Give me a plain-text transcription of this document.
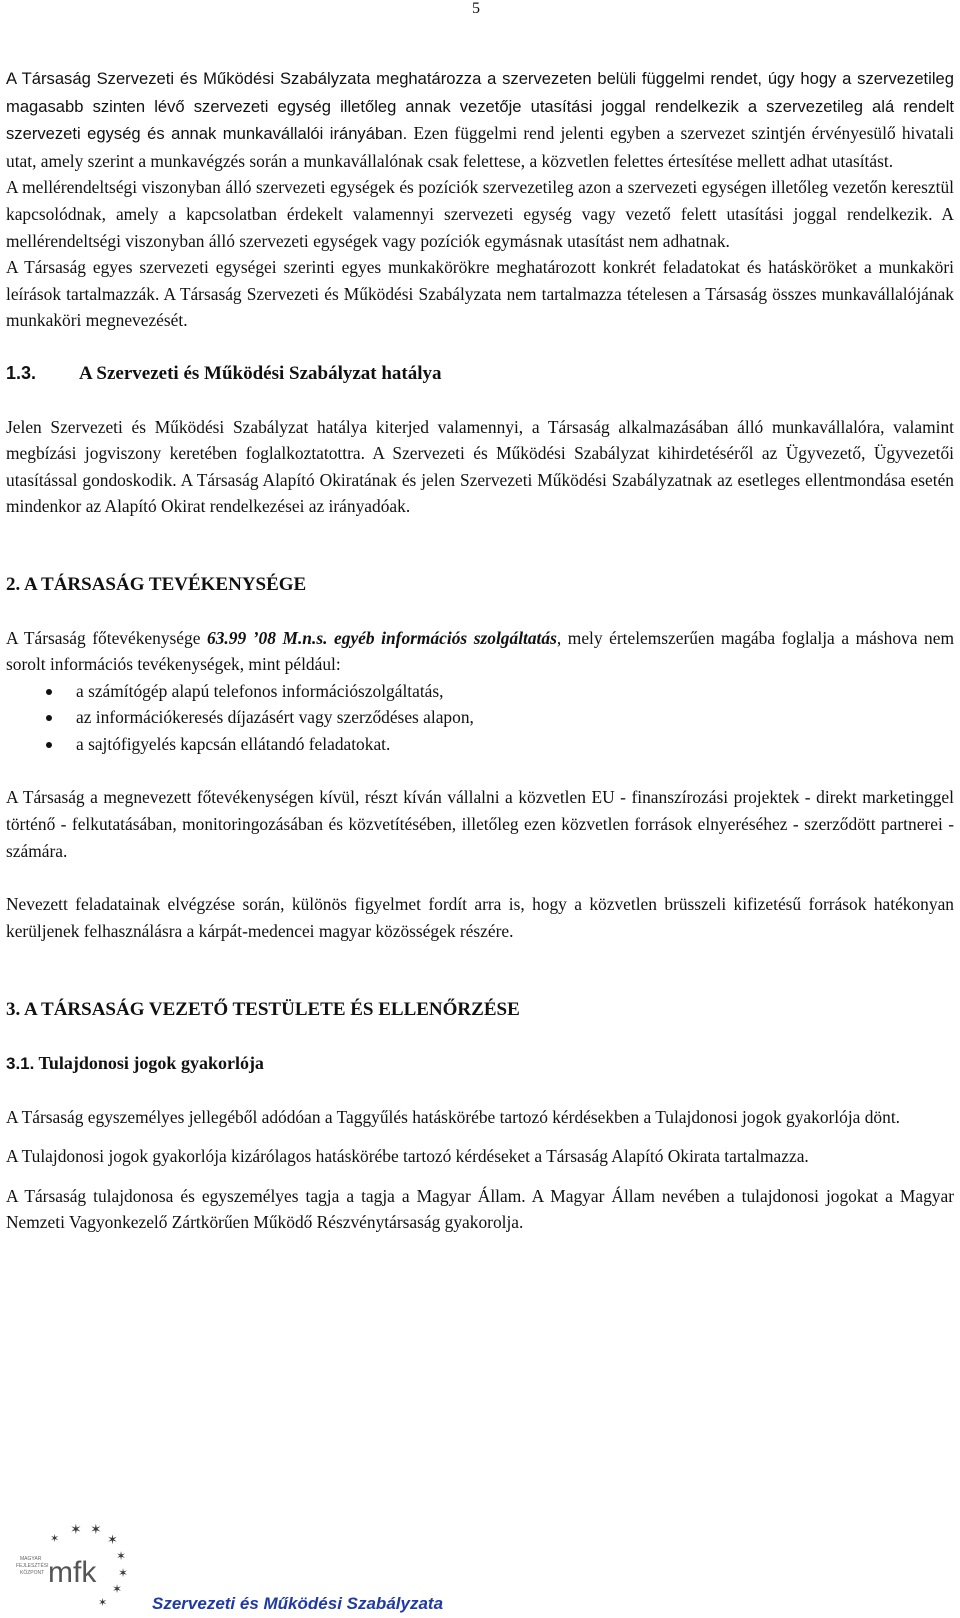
5

A Társaság Szervezeti és Működési Szabályzata meghatározza a szervezeten belüli függelmi rendet, úgy hogy a szervezetileg magasabb szinten lévő szervezeti egység illetőleg annak vezetője utasítási joggal rendelkezik a szervezetileg alá rendelt szervezeti egység és annak munkavállalói irányában. Ezen függelmi rend jelenti egyben a szervezet szintjén érvényesülő hivatali utat, amely szerint a munkavégzés során a munkavállalónak csak felettese, a közvetlen felettes értesítése mellett adhat utasítást.

A mellérendeltségi viszonyban álló szervezeti egységek és pozíciók szervezetileg azon a szervezeti egységen illetőleg vezetőn keresztül kapcsolódnak, amely a kapcsolatban érdekelt valamennyi szervezeti egység vagy vezető felett utasítási joggal rendelkezik. A mellérendeltségi viszonyban álló szervezeti egységek vagy pozíciók egymásnak utasítást nem adhatnak.

A Társaság egyes szervezeti egységei szerinti egyes munkakörökre meghatározott konkrét feladatokat és hatásköröket a munkaköri leírások tartalmazzák. A Társaság Szervezeti és Működési Szabályzata nem tartalmazza tételesen a Társaság összes munkavállalójának munkaköri megnevezését.

1.3.	A Szervezeti és Működési Szabályzat hatálya

Jelen Szervezeti és Működési Szabályzat hatálya kiterjed valamennyi, a Társaság alkalmazásában álló munkavállalóra, valamint megbízási jogviszony keretében foglalkoztatottra. A Szervezeti és Működési Szabályzat kihirdetéséről az Ügyvezető, Ügyvezetői utasítással gondoskodik. A Társaság Alapító Okiratának és jelen Szervezeti Működési Szabályzatnak az esetleges ellentmondása esetén mindenkor az Alapító Okirat rendelkezései az irányadóak.

2. A TÁRSASÁG TEVÉKENYSÉGE

A Társaság főtevékenysége 63.99 ’08 M.n.s. egyéb információs szolgáltatás, mely értelemszerűen magába foglalja a máshova nem sorolt információs tevékenységek, mint például:

a számítógép alapú telefonos információszolgáltatás,
az információkeresés díjazásért vagy szerződéses alapon,
a sajtófigyelés kapcsán ellátandó feladatokat.

A Társaság a megnevezett főtevékenységen kívül, részt kíván vállalni a közvetlen EU - finanszírozási projektek - direkt marketinggel történő - felkutatásában, monitoringozásában és közvetítésében, illetőleg ezen közvetlen források elnyeréséhez - szerződött partnerei - számára.

Nevezett feladatainak elvégzése során, különös figyelmet fordít arra is, hogy a közvetlen brüsszeli kifizetésű források hatékonyan kerüljenek felhasználásra a kárpát-medencei magyar közösségek részére.

3. A TÁRSASÁG VEZETŐ TESTÜLETE ÉS ELLENŐRZÉSE

3.1. Tulajdonosi jogok gyakorlója

A Társaság egyszemélyes jellegéből adódóan a Taggyűlés hatáskörébe tartozó kérdésekben a Tulajdonosi jogok gyakorlója dönt.

A Tulajdonosi jogok gyakorlója kizárólagos hatáskörébe tartozó kérdéseket a Társaság Alapító Okirata tartalmazza.

A Társaság tulajdonosa és egyszemélyes tagja a tagja a Magyar Állam. A Magyar Állam nevében a tulajdonosi jogokat a Magyar Nemzeti Vagyonkezelő Zártkörűen Működő Részvénytársaság gyakorolja.

✶ ✶
✶
✶
✶
✶
✶
✶
MAGYAR
FEJLESZTÉSI
KÖZPONT mfk
Szervezeti és Működési Szabályzata
